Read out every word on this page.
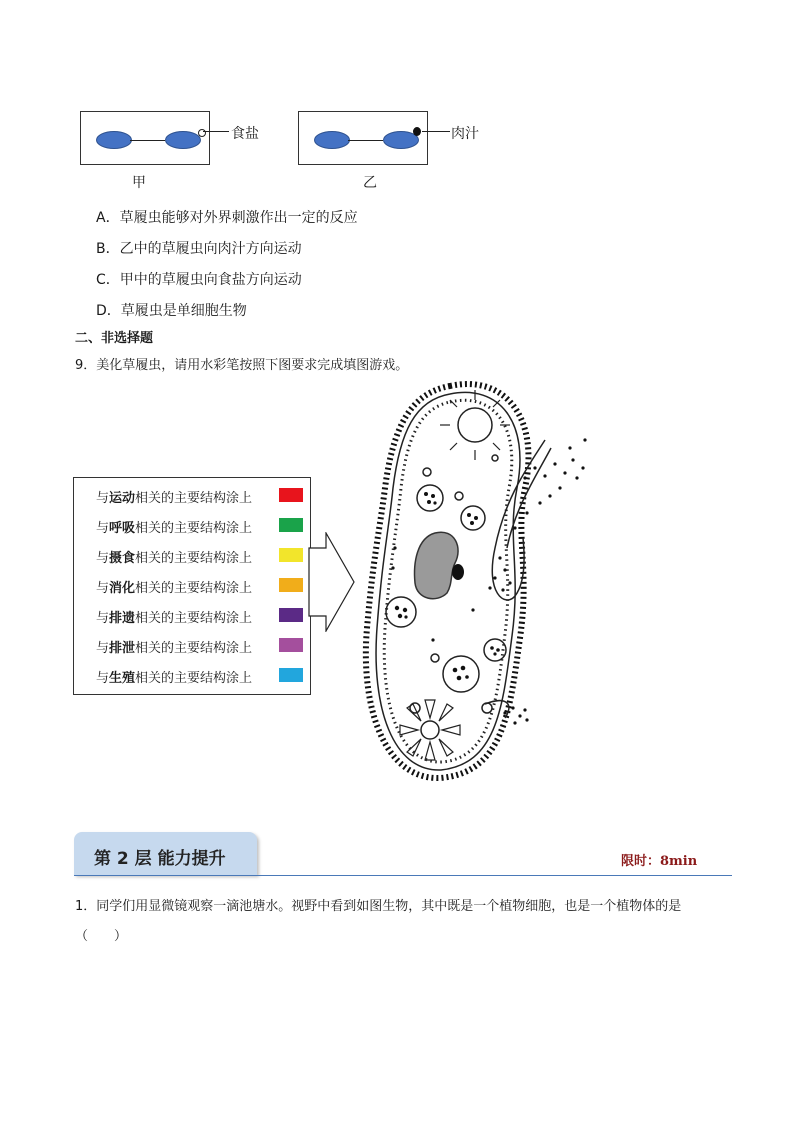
食盐
甲
肉汁
乙
A．草履虫能够对外界刺激作出一定的反应
B．乙中的草履虫向肉汁方向运动
C．甲中的草履虫向食盐方向运动
D．草履虫是单细胞生物
二、非选择题
9．美化草履虫，请用水彩笔按照下图要求完成填图游戏。
与运动相关的主要结构涂上
与呼吸相关的主要结构涂上
与摄食相关的主要结构涂上
与消化相关的主要结构涂上
与排遗相关的主要结构涂上
与排泄相关的主要结构涂上
与生殖相关的主要结构涂上
第 2 层 能力提升	限时：8min
1．同学们用显微镜观察一滴池塘水。视野中看到如图生物，其中既是一个植物细胞，也是一个植物体的是
（　　）
